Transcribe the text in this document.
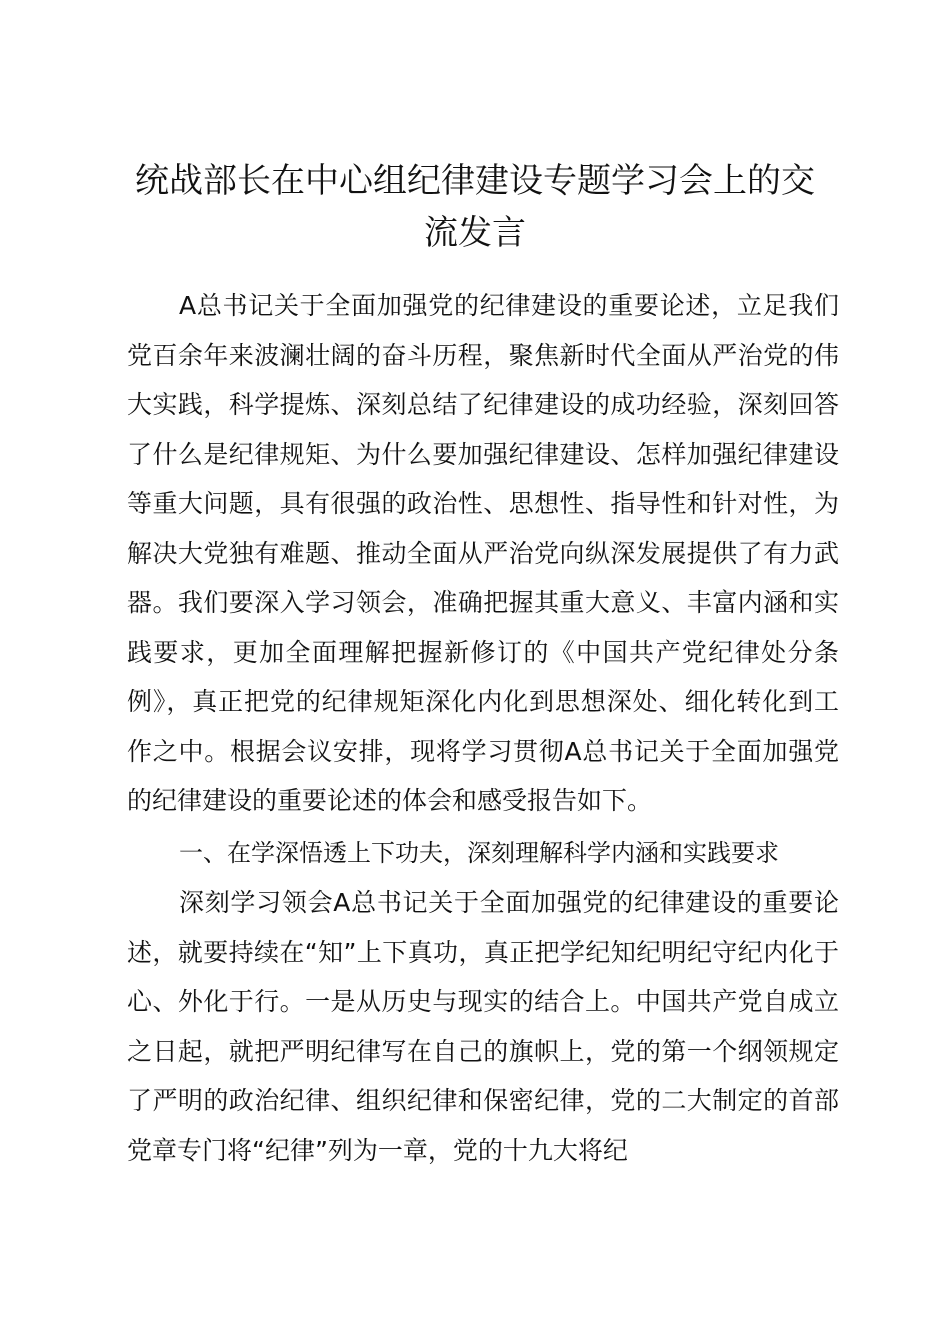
统战部长在中心组纪律建设专题学习会上的交流发言

A总书记关于全面加强党的纪律建设的重要论述，立足我们党百余年来波澜壮阔的奋斗历程，聚焦新时代全面从严治党的伟大实践，科学提炼、深刻总结了纪律建设的成功经验，深刻回答了什么是纪律规矩、为什么要加强纪律建设、怎样加强纪律建设等重大问题，具有很强的政治性、思想性、指导性和针对性，为解决大党独有难题、推动全面从严治党向纵深发展提供了有力武器。我们要深入学习领会，准确把握其重大意义、丰富内涵和实践要求，更加全面理解把握新修订的《中国共产党纪律处分条例》，真正把党的纪律规矩深化内化到思想深处、细化转化到工作之中。根据会议安排，现将学习贯彻A总书记关于全面加强党的纪律建设的重要论述的体会和感受报告如下。

一、在学深悟透上下功夫，深刻理解科学内涵和实践要求

深刻学习领会A总书记关于全面加强党的纪律建设的重要论述，就要持续在“知”上下真功，真正把学纪知纪明纪守纪内化于心、外化于行。一是从历史与现实的结合上。中国共产党自成立之日起，就把严明纪律写在自己的旗帜上，党的第一个纲领规定了严明的政治纪律、组织纪律和保密纪律，党的二大制定的首部党章专门将“纪律”列为一章，党的十九大将纪
